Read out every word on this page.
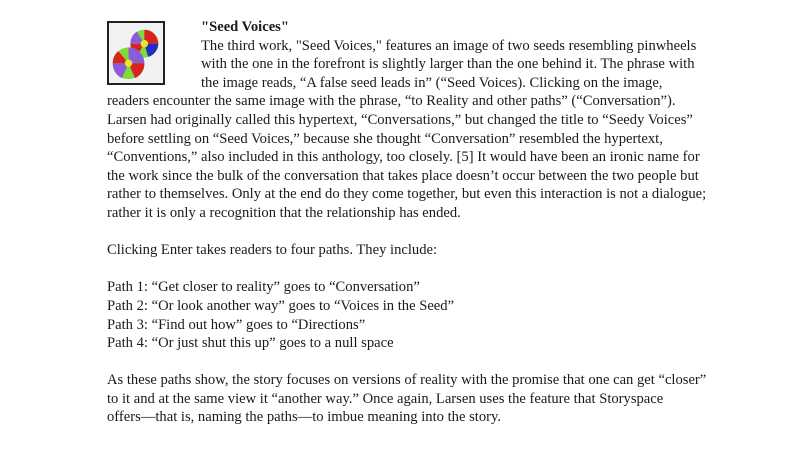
"Seed Voices"

The third work, "Seed Voices," features an image of two seeds resembling pinwheels with the one in the forefront is slightly larger than the one behind it. The phrase with the image reads, “A false seed leads in” (“Seed Voices). Clicking on the image, readers encounter the same image with the phrase, “to Reality and other paths” (“Conversation”). Larsen had originally called this hypertext, “Conversations,” but changed the title to “Seedy Voices” before settling on “Seed Voices,” because she thought “Conversation” resembled the hypertext, “Conventions,” also included in this anthology, too closely. [5] It would have been an ironic name for the work since the bulk of the conversation that takes place doesn’t occur between the two people but rather to themselves. Only at the end do they come together, but even this interaction is not a dialogue; rather it is only a recognition that the relationship has ended.

Clicking Enter takes readers to four paths. They include:

Path 1: “Get closer to reality” goes to “Conversation”

Path 2: “Or look another way” goes to “Voices in the Seed”

Path 3: “Find out how” goes to “Directions”

Path 4: “Or just shut this up” goes to a null space

As these paths show, the story focuses on versions of reality with the promise that one can get “closer” to it and at the same view it “another way.” Once again, Larsen uses the feature that Storyspace offers––that is, naming the paths––to imbue meaning into the story.
